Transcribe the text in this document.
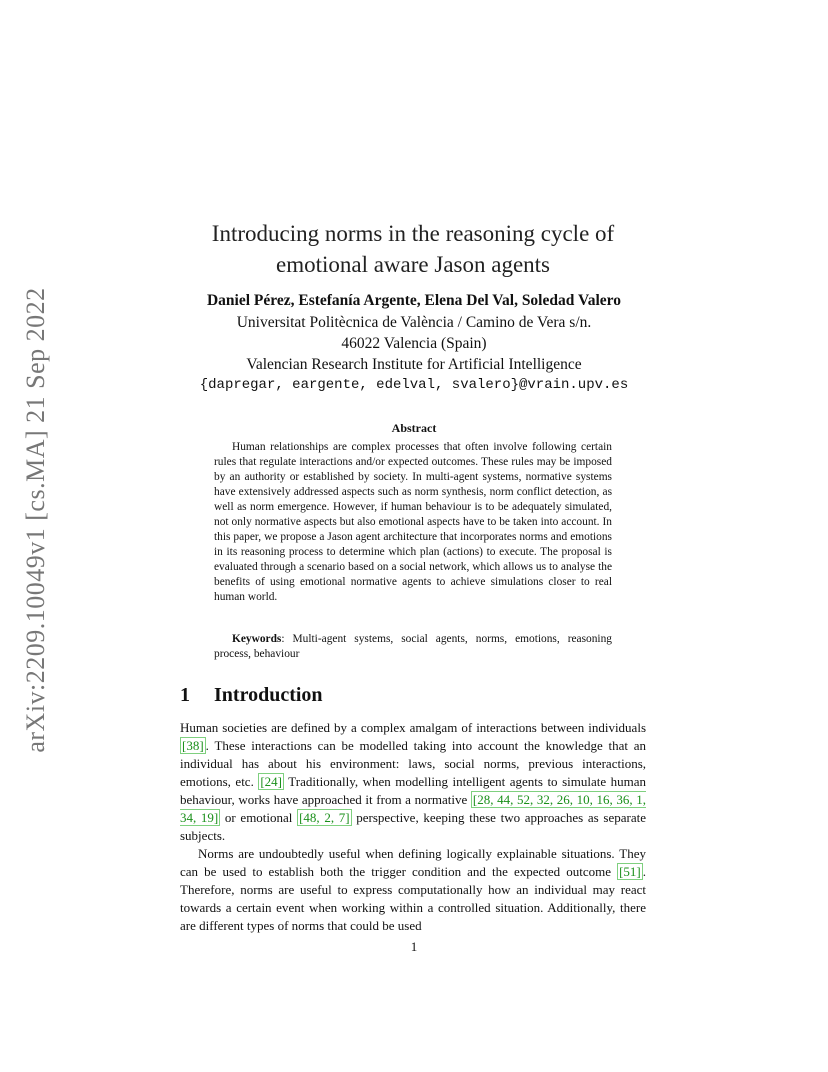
arXiv:2209.10049v1 [cs.MA] 21 Sep 2022
Introducing norms in the reasoning cycle of
emotional aware Jason agents
Daniel Pérez, Estefanía Argente, Elena Del Val, Soledad Valero
Universitat Politècnica de València / Camino de Vera s/n.
46022 Valencia (Spain)
Valencian Research Institute for Artificial Intelligence
{dapregar, eargente, edelval, svalero}@vrain.upv.es
Abstract
Human relationships are complex processes that often involve following certain rules that regulate interactions and/or expected outcomes. These rules may be imposed by an authority or established by society. In multi-agent systems, normative systems have extensively addressed aspects such as norm synthesis, norm conflict detection, as well as norm emergence. However, if human behaviour is to be adequately simulated, not only normative aspects but also emotional aspects have to be taken into account. In this paper, we propose a Jason agent architecture that incorporates norms and emotions in its reasoning process to determine which plan (actions) to execute. The proposal is evaluated through a scenario based on a social network, which allows us to analyse the benefits of using emotional normative agents to achieve simulations closer to real human world.
Keywords: Multi-agent systems, social agents, norms, emotions, reasoning process, behaviour
1 Introduction

Human societies are defined by a complex amalgam of interactions between individuals [38] . These interactions can be modelled taking into account the knowledge that an individual has about his environment: laws, social norms, previous interactions, emotions, etc. [24] Traditionally, when modelling intelligent agents to simulate human behaviour, works have approached it from a normative [28, 44, 52, 32, 26, 10, 16, 36, 1, 34, 19] or emotional [48, 2, 7] perspective, keeping these two approaches as separate subjects.

Norms are undoubtedly useful when defining logically explainable situations. They can be used to establish both the trigger condition and the expected outcome [51] . Therefore, norms are useful to express computationally how an individual may react towards a certain event when working within a controlled situation. Additionally, there are different types of norms that could be used

1
